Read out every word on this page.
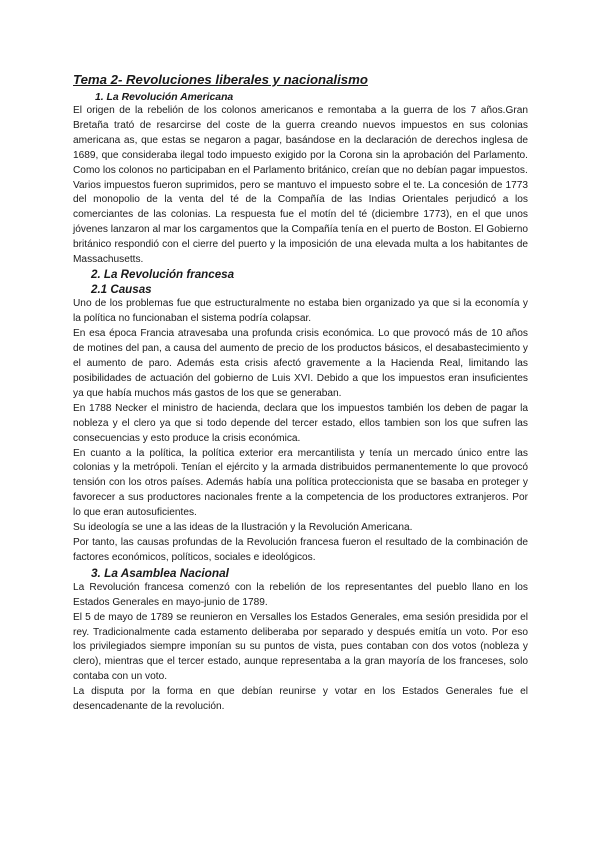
Tema 2- Revoluciones liberales y nacionalismo
1. La Revolución Americana

El origen de la rebelión de los colonos americanos e remontaba a la guerra de los 7 años.Gran Bretaña trató de resarcirse del coste de la guerra creando nuevos impuestos en sus colonias americana as, que estas se negaron a pagar, basándose en la declaración de derechos inglesa de 1689, que consideraba ilegal todo impuesto exigido por la Corona sin la aprobación del Parlamento. Como los colonos no participaban en el Parlamento británico, creían que no debían pagar impuestos.

Varios impuestos fueron suprimidos, pero se mantuvo el impuesto sobre el te. La concesión de 1773 del monopolio de la venta del té de la Compañía de las Indias Orientales perjudicó a los comerciantes de las colonias. La respuesta fue el motín del té (diciembre 1773), en el que unos jóvenes lanzaron al mar los cargamentos que la Compañía tenía en el puerto de Boston. El Gobierno británico respondió con el cierre del puerto y la imposición de una elevada multa a los habitantes de Massachusetts.

2. La Revolución francesa
2.1 Causas

Uno de los problemas fue que estructuralmente no estaba bien organizado ya que si la economía y la política no funcionaban el sistema podría colapsar.

En esa época Francia atravesaba una profunda crisis económica. Lo que provocó más de 10 años de motines del pan, a causa del aumento de precio de los productos básicos, el desabastecimiento y el aumento de paro. Además esta crisis afectó gravemente a la Hacienda Real, limitando las posibilidades de actuación del gobierno de Luis XVI. Debido a que los impuestos eran insuficientes ya que había muchos más gastos de los que se generaban.

En 1788 Necker el ministro de hacienda, declara que los impuestos también los deben de pagar la nobleza y el clero ya que si todo depende del tercer estado, ellos tambien son los que sufren las consecuencias y esto produce la crisis económica.

En cuanto a la política, la política exterior era mercantilista y tenía un mercado único entre las colonias y la metrópoli. Tenían el ejército y la armada distribuidos permanentemente lo que provocó tensión con los otros países. Además había una política proteccionista que se basaba en proteger y favorecer a sus productores nacionales frente a la competencia de los productores extranjeros. Por lo que eran autosuficientes.

Su ideología se une a las ideas de la Ilustración y la Revolución Americana.

Por tanto, las causas profundas de la Revolución francesa fueron el resultado de la combinación de factores económicos, políticos, sociales e ideológicos.

3. La Asamblea Nacional

La Revolución francesa comenzó con la rebelión de los representantes del pueblo llano en los Estados Generales en mayo-junio de 1789.

El 5 de mayo de 1789 se reunieron en Versalles los Estados Generales, ema sesión presidida por el rey. Tradicionalmente cada estamento deliberaba por separado y después emitía un voto. Por eso los privilegiados siempre imponían su su puntos de vista, pues contaban con dos votos (nobleza y clero), mientras que el tercer estado, aunque representaba a la gran mayoría de los franceses, solo contaba con un voto.

La disputa por la forma en que debían reunirse y votar en los Estados Generales fue el desencadenante de la revolución.
